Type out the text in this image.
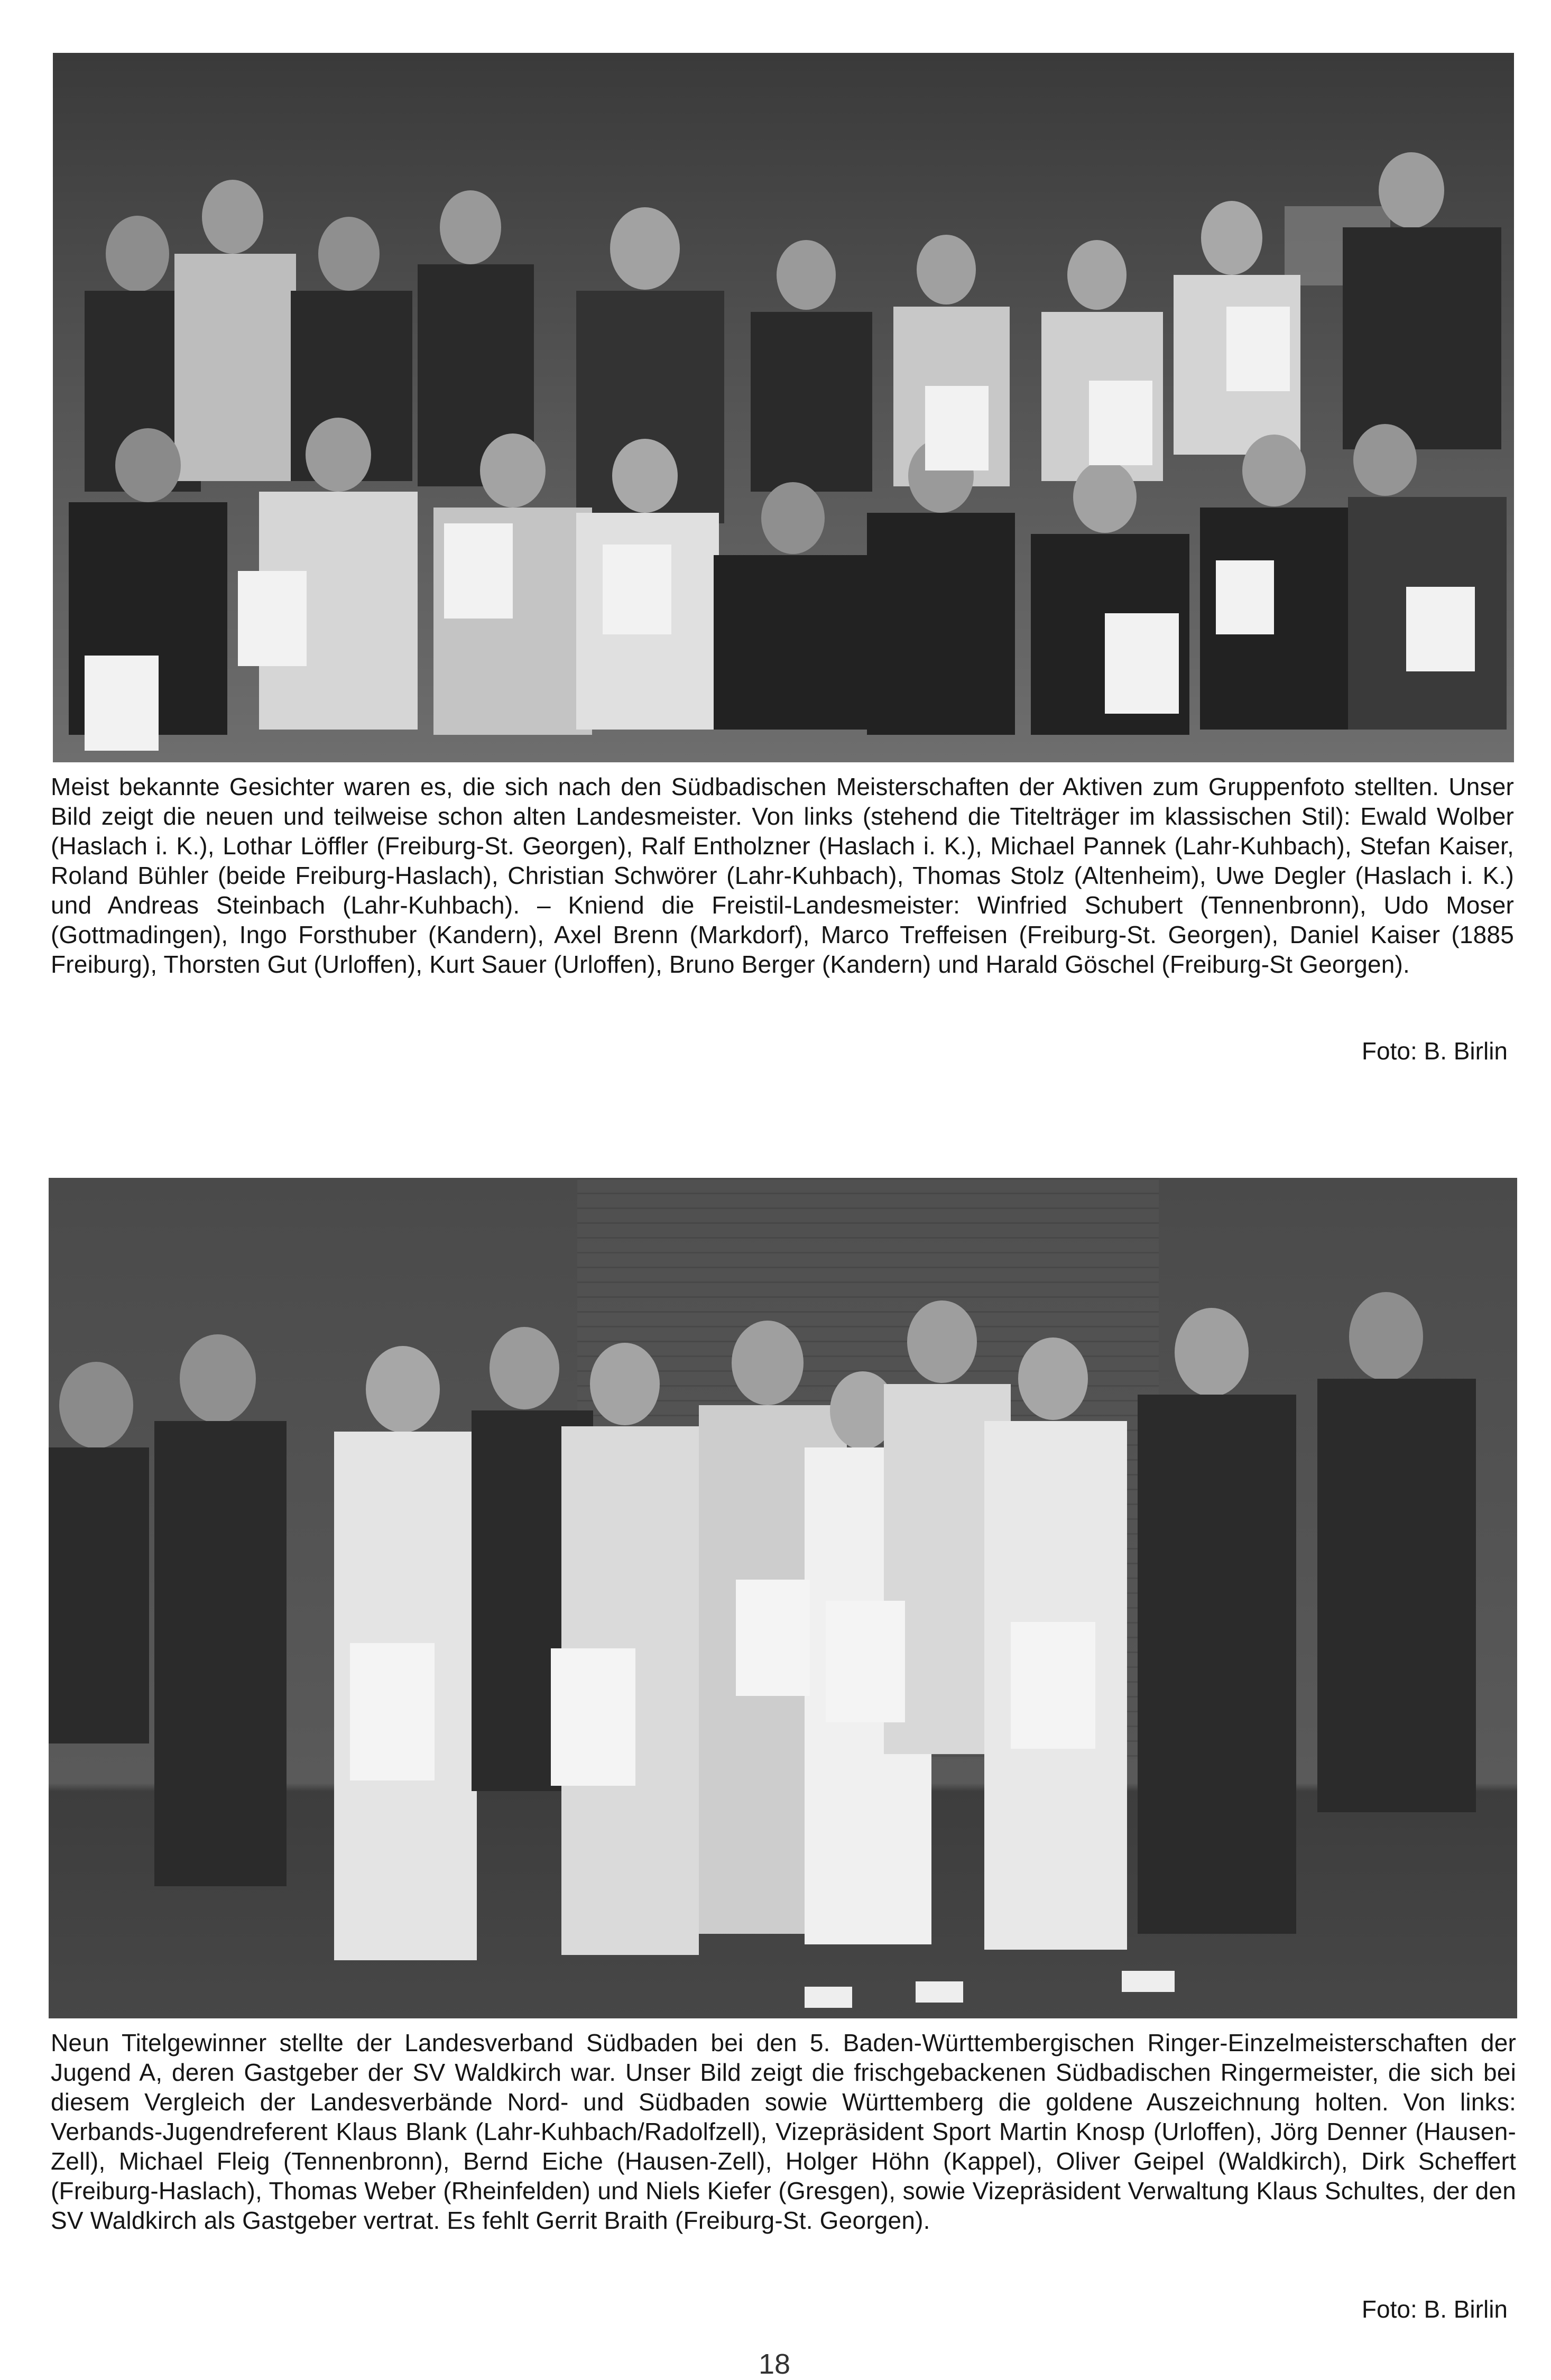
Meist bekannte Gesichter waren es, die sich nach den Südbadischen Meisterschaften der Aktiven zum Gruppenfoto stellten. Unser Bild zeigt die neuen und teilweise schon alten Landesmeister. Von links (stehend die Titelträger im klassischen Stil): Ewald Wolber (Haslach i. K.), Lothar Löffler (Freiburg-St. Georgen), Ralf Entholzner (Haslach i. K.), Michael Pannek (Lahr-Kuhbach), Stefan Kaiser, Roland Bühler (beide Freiburg-Haslach), Christian Schwörer (Lahr-Kuhbach), Thomas Stolz (Altenheim), Uwe Degler (Haslach i. K.) und Andreas Steinbach (Lahr-Kuhbach). – Kniend die Freistil-Landesmeister: Winfried Schubert (Tennenbronn), Udo Moser (Gottmadingen), Ingo Forsthuber (Kandern), Axel Brenn (Markdorf), Marco Treffeisen (Freiburg-St. Georgen), Daniel Kaiser (1885 Freiburg), Thorsten Gut (Urloffen), Kurt Sauer (Urloffen), Bruno Berger (Kandern) und Harald Göschel (Freiburg-St Georgen).

Foto: B. Birlin

Neun Titelgewinner stellte der Landesverband Südbaden bei den 5. Baden-Württembergischen Ringer-Einzelmeisterschaften der Jugend A, deren Gastgeber der SV Waldkirch war. Unser Bild zeigt die frischgebackenen Südbadischen Ringermeister, die sich bei diesem Vergleich der Landesverbände Nord- und Südbaden sowie Württemberg die goldene Auszeichnung holten. Von links: Verbands-Jugendreferent Klaus Blank (Lahr-Kuhbach/Radolfzell), Vizepräsident Sport Martin Knosp (Urloffen), Jörg Denner (Hausen-Zell), Michael Fleig (Tennenbronn), Bernd Eiche (Hausen-Zell), Holger Höhn (Kappel), Oliver Geipel (Waldkirch), Dirk Scheffert (Freiburg-Haslach), Thomas Weber (Rheinfelden) und Niels Kiefer (Gresgen), sowie Vizepräsident Verwaltung Klaus Schultes, der den SV Waldkirch als Gastgeber vertrat. Es fehlt Gerrit Braith (Freiburg-St. Georgen).

Foto: B. Birlin

18
